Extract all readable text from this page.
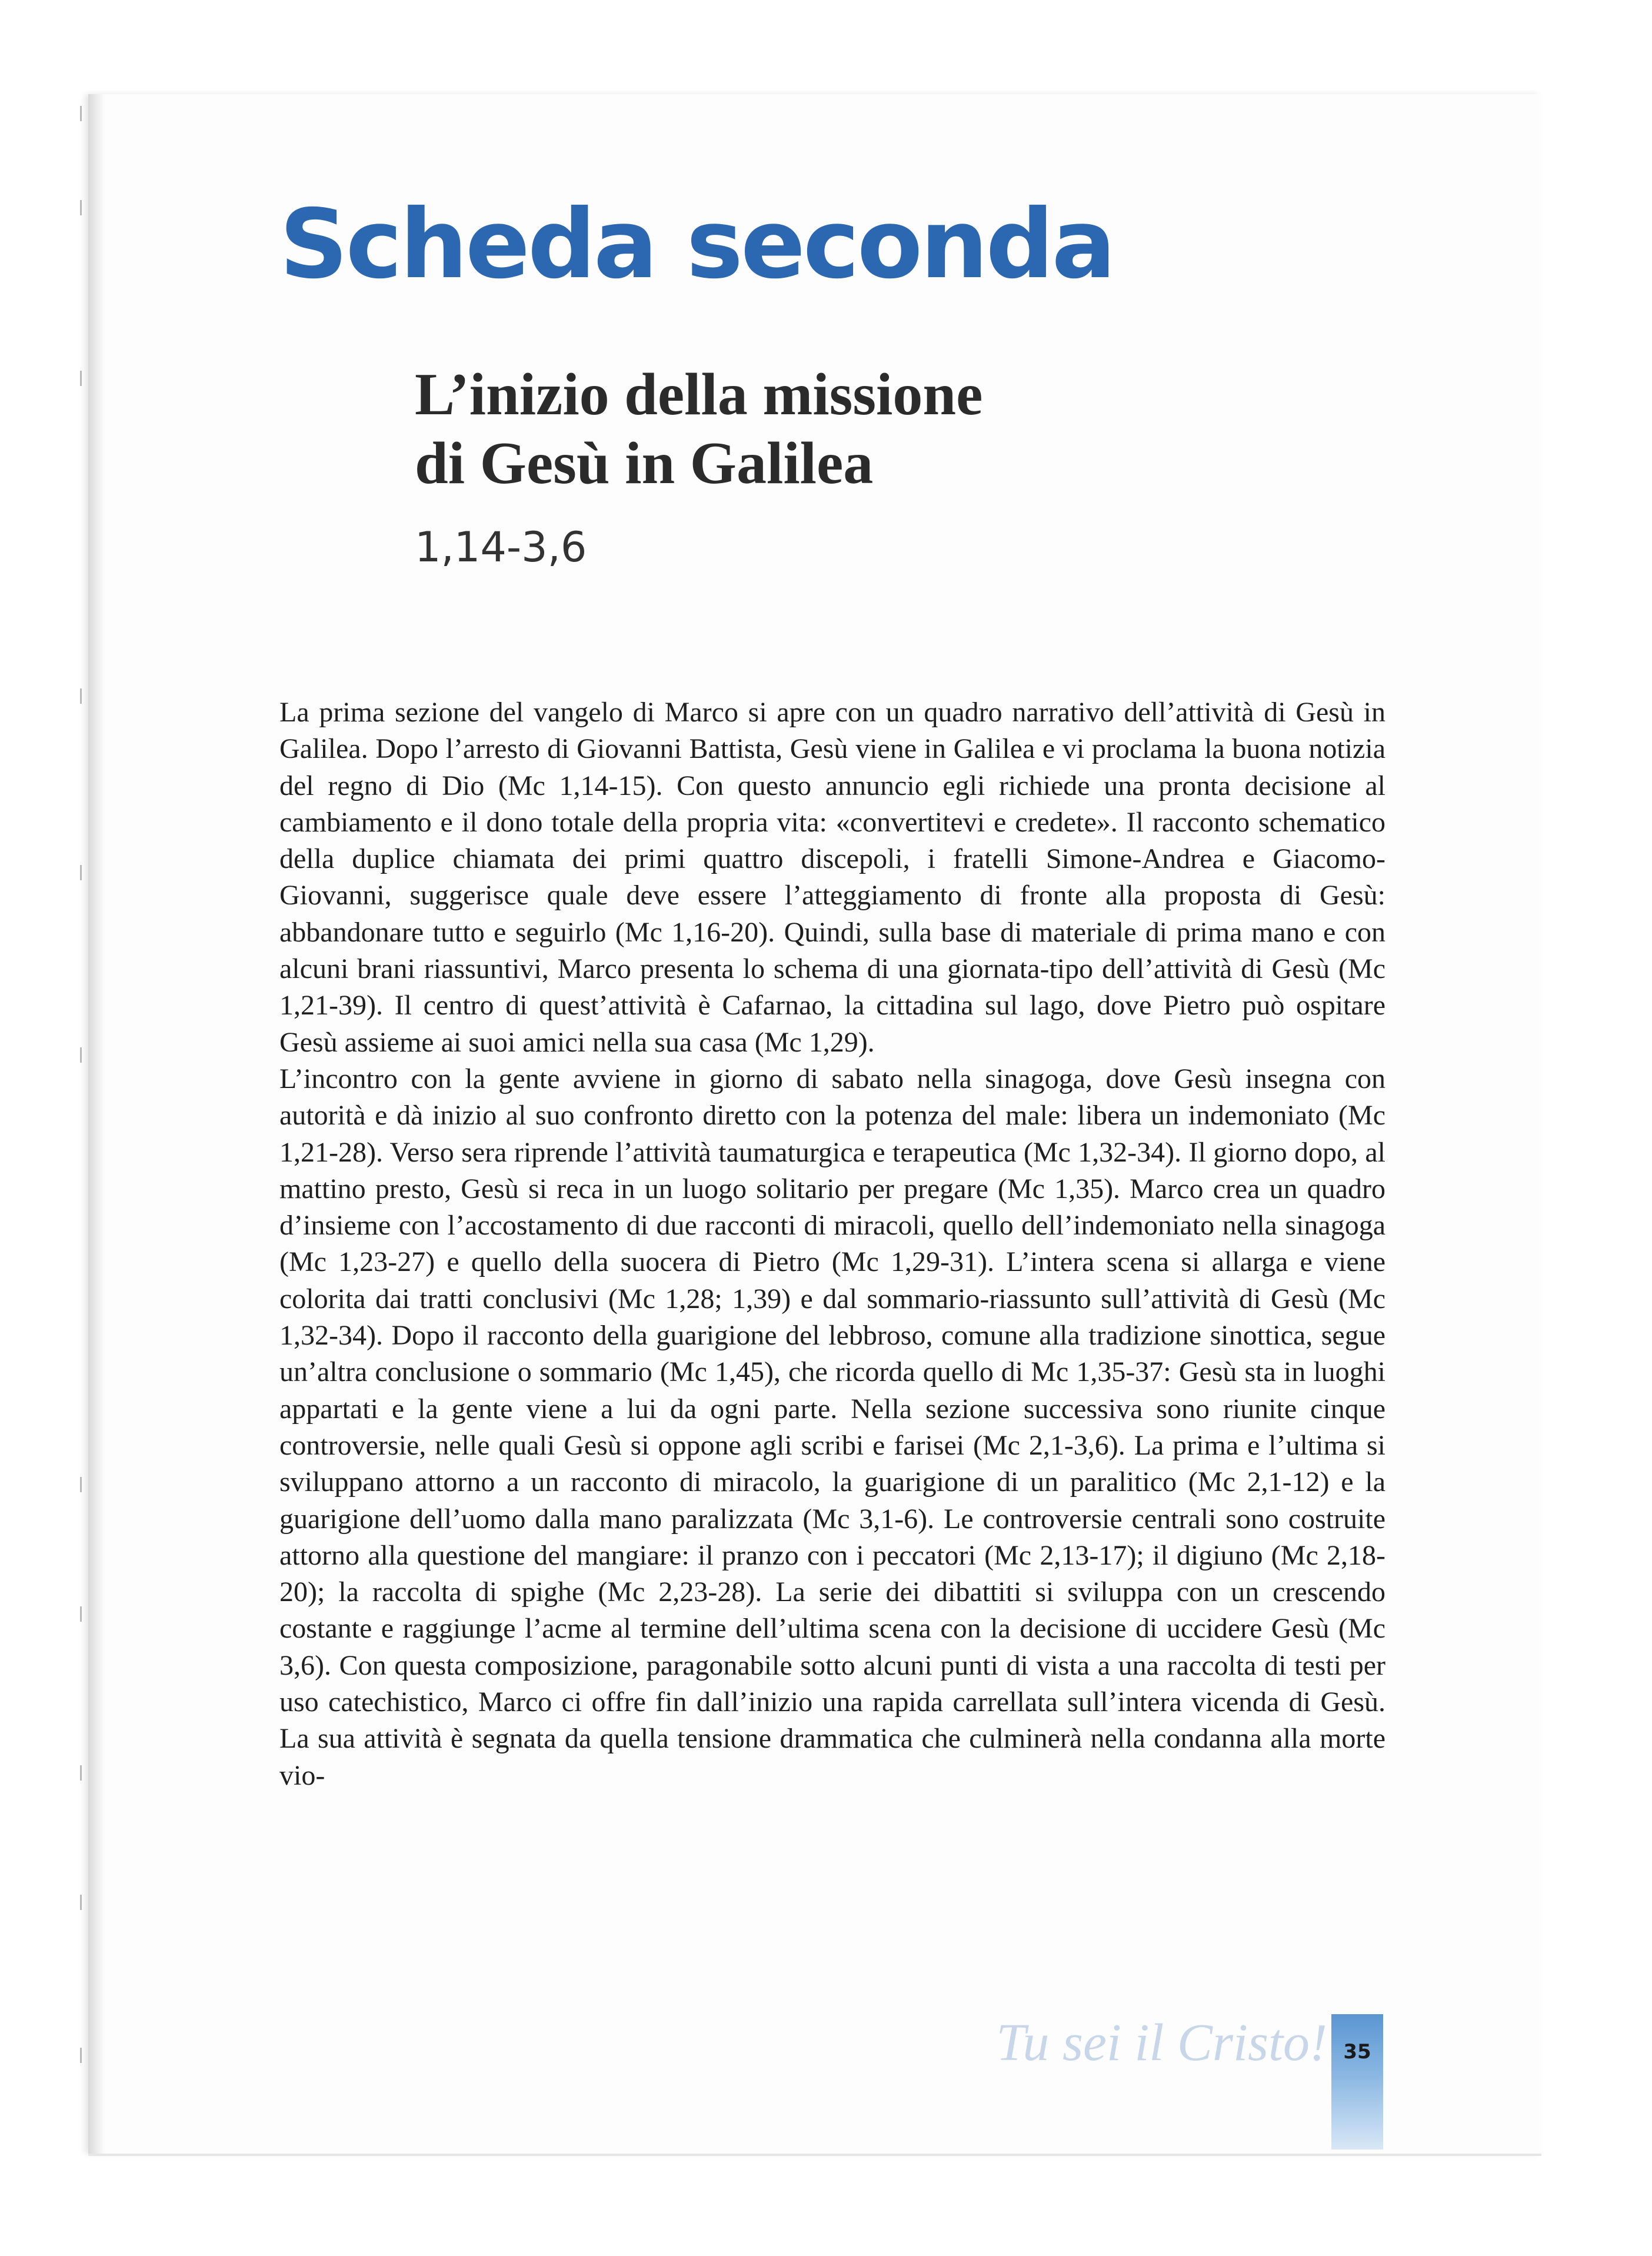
Scheda seconda
L’inizio della missione
di Gesù in Galilea
1,14-3,6

La prima sezione del vangelo di Marco si apre con un quadro narrativo dell’attività di Gesù in Galilea. Dopo l’arresto di Giovanni Battista, Gesù viene in Galilea e vi proclama la buona notizia del regno di Dio (Mc 1,14-15). Con questo annuncio egli richiede una pronta decisione al cambiamento e il dono totale della propria vita: «convertitevi e credete». Il racconto schematico della duplice chiamata dei primi quattro discepoli, i fratelli Simone-Andrea e Giacomo- Giovanni, suggerisce quale deve essere l’atteggiamento di fronte alla proposta di Gesù: abbandonare tutto e seguirlo (Mc 1,16-20). Quindi, sulla base di materiale di prima mano e con alcuni brani riassuntivi, Marco presenta lo schema di una giornata-tipo dell’attività di Gesù (Mc 1,21-39). Il centro di quest’attività è Cafarnao, la cittadina sul lago, dove Pietro può ospitare Gesù assieme ai suoi amici nella sua casa (Mc 1,29).

L’incontro con la gente avviene in giorno di sabato nella sinagoga, dove Gesù insegna con autorità e dà inizio al suo confronto diretto con la potenza del male: libera un indemoniato (Mc 1,21-28). Verso sera riprende l’attività taumaturgica e terapeutica (Mc 1,32-34). Il giorno dopo, al mattino presto, Gesù si reca in un luogo solitario per pregare (Mc 1,35). Marco crea un quadro d’insieme con l’accostamento di due racconti di miracoli, quello dell’indemoniato nella sinagoga (Mc 1,23-27) e quello della suocera di Pietro (Mc 1,29-31). L’intera scena si allarga e viene colorita dai tratti conclusivi (Mc 1,28; 1,39) e dal sommario-riassunto sull’attività di Gesù (Mc 1,32-34). Dopo il racconto della guarigione del lebbroso, comune alla tradizione sinottica, segue un’altra conclusione o sommario (Mc 1,45), che ricorda quello di Mc 1,35-37: Gesù sta in luoghi appartati e la gente viene a lui da ogni parte. Nella sezione successiva sono riunite cinque controversie, nelle quali Gesù si oppone agli scribi e farisei (Mc 2,1-3,6). La prima e l’ultima si sviluppano attorno a un racconto di miracolo, la guarigione di un paralitico (Mc 2,1-12) e la guarigione dell’uomo dalla mano paralizzata (Mc 3,1-6). Le controversie centrali sono costruite attorno alla questione del mangiare: il pranzo con i peccatori (Mc 2,13-17); il digiuno (Mc 2,18-20); la raccolta di spighe (Mc 2,23-28). La serie dei dibattiti si sviluppa con un crescendo costante e raggiunge l’acme al termine dell’ultima scena con la decisione di uccidere Gesù (Mc 3,6). Con questa composizione, paragonabile sotto alcuni punti di vista a una raccolta di testi per uso catechistico, Marco ci offre fin dall’inizio una rapida carrellata sull’intera vicenda di Gesù. La sua attività è segnata da quella tensione drammatica che culminerà nella condanna alla morte vio-

Tu sei il Cristo! 35
